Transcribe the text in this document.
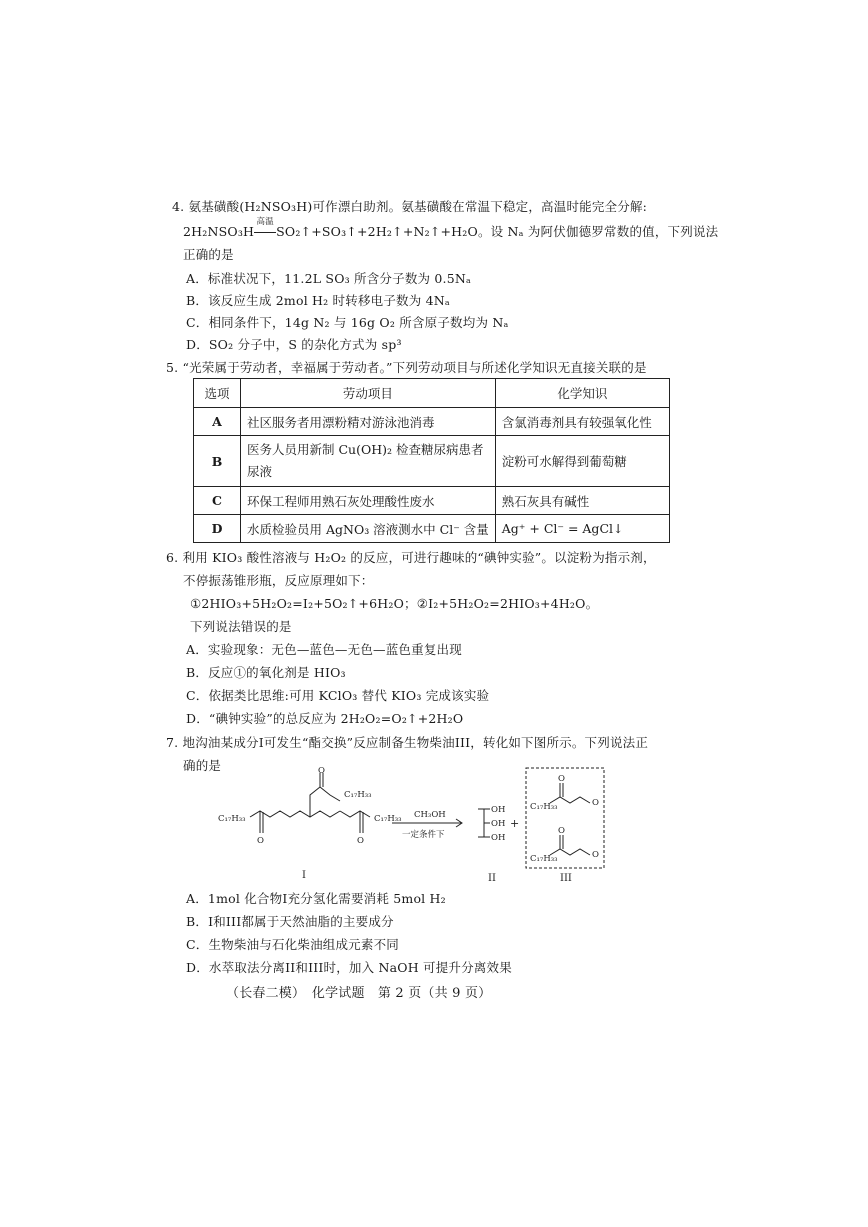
4. 氨基磺酸(H₂NSO₃H)可作漂白助剂。氨基磺酸在常温下稳定，高温时能完全分解:
2H₂NSO₃H
高温
SO₂↑+SO₃↑+2H₂↑+N₂↑+H₂O。设 Nₐ 为阿伏伽德罗常数的值，下列说法
正确的是
A．标准状况下，11.2L SO₃ 所含分子数为 0.5Nₐ
B．该反应生成 2mol H₂ 时转移电子数为 4Nₐ
C．相同条件下，14g N₂ 与 16g O₂ 所含原子数均为 Nₐ
D．SO₂ 分子中，S 的杂化方式为 sp³
5. “光荣属于劳动者，幸福属于劳动者。”下列劳动项目与所述化学知识无直接关联的是
选项	劳动项目	化学知识
A	社区服务者用漂粉精对游泳池消毒	含氯消毒剂具有较强氧化性
B	医务人员用新制 Cu(OH)₂ 检查糖尿病患者尿液	淀粉可水解得到葡萄糖
C	环保工程师用熟石灰处理酸性废水	熟石灰具有碱性
D	水质检验员用 AgNO₃ 溶液测水中 Cl⁻ 含量	Ag⁺ + Cl⁻ = AgCl↓
6. 利用 KIO₃ 酸性溶液与 H₂O₂ 的反应，可进行趣味的“碘钟实验”。以淀粉为指示剂，
不停振荡锥形瓶，反应原理如下：
①2HIO₃+5H₂O₂=I₂+5O₂↑+6H₂O；②I₂+5H₂O₂=2HIO₃+4H₂O。
下列说法错误的是
A．实验现象：无色—蓝色—无色—蓝色重复出现
B．反应①的氧化剂是 HIO₃
C．依据类比思维:可用 KClO₃ 替代 KIO₃ 完成该实验
D．“碘钟实验”的总反应为 2H₂O₂=O₂↑+2H₂O
7. 地沟油某成分I可发生“酯交换”反应制备生物柴油III，转化如下图所示。下列说法正
确的是
C₁₇H₃₃
C₁₇H₃₃
C₁₇H₃₃
O
O
O
CH₃OH
一定条件下
OH
OH
OH
+
O
O
O
O
C₁₇H₃₃
C₁₇H₃₃
I	II	III
A．1mol 化合物I充分氢化需要消耗 5mol H₂
B．I和III都属于天然油脂的主要成分
C．生物柴油与石化柴油组成元素不同
D．水萃取法分离II和III时，加入 NaOH 可提升分离效果
（长春二模）　化学试题　第 2 页（共 9 页）
